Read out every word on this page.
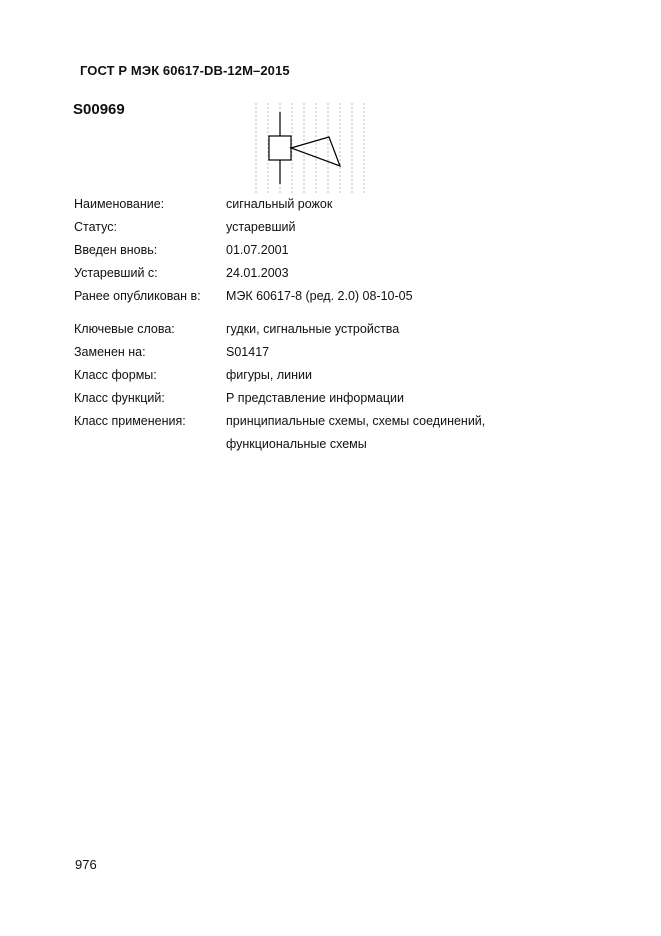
ГОСТ Р МЭК 60617-DB-12M–2015
S00969
Наименование:	сигнальный рожок
Статус:	устаревший
Введен вновь:	01.07.2001
Устаревший с:	24.01.2003
Ранее опубликован в: МЭК 60617-8 (ред. 2.0) 08-10-05
Ключевые слова:	гудки, сигнальные устройства
Заменен на:	S01417
Класс формы:	фигуры, линии
Класс функций:	Р представление информации
Класс применения:	принципиальные схемы, схемы соединений,
функциональные схемы
976
